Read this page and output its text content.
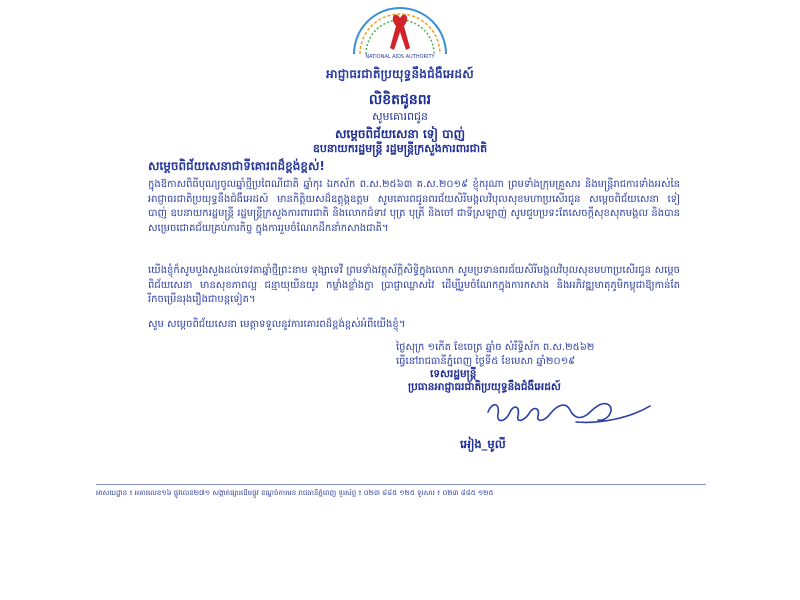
NATIONAL AIDS AUTHORITY
អាជ្ញាធរជាតិប្រយុទ្ធនឹងជំងឺអេដស៍
លិខិតជូនពរ
សូមគោរពជូន
សម្តេចពិជ័យសេនា ទៀ បាញ់
ឧបនាយករដ្ឋមន្ត្រី រដ្ឋមន្ត្រីក្រសួងការពារជាតិ
សម្តេចពិជ័យសេនាជាទីគោរពដ៏ខ្ពង់ខ្ពស់!
ក្នុងឱកាសពិធីបុណ្យចូលឆ្នាំថ្មីប្រពៃណីជាតិ ឆ្នាំកុរ ឯកស័ក ព.ស.២៥៦៣ គ.ស.២០១៩ ខ្ញុំករុណា ព្រមទាំងក្រុមគ្រួសារ និងមន្ត្រីរាជការទាំងអស់នៃអាជ្ញាធរជាតិប្រយុទ្ធនឹងជំងឺអេដស៍ មានកិត្តិយសដ៏ឧត្តុង្គឧត្តម សូមគោរពជូនពរជ័យសិរីមង្គលវិបុលសុខមហាប្រសើរជូន សម្តេចពិជ័យសេនា ទៀ បាញ់ ឧបនាយករដ្ឋមន្ត្រី រដ្ឋមន្ត្រីក្រសួងការពារជាតិ និងលោកជំទាវ បុត្រ បុត្រី និងចៅ ជាទីស្រឡាញ់ សូមជួបប្រទះតែសេចក្តីសុខសុភមង្គល និងបានសម្រេចជោគជ័យគ្រប់ភារកិច្ច ក្នុងការរួមចំណែកដឹកនាំកសាងជាតិ។
យើងខ្ញុំក៏សូមបួងសួងដល់ទេវតាឆ្នាំថ្មីព្រះនាម ទុង្សាទេវី ព្រមទាំងវត្ថុស័ក្តិសិទ្ធិក្នុងលោក សូមប្រទានពរជ័យសិរីមង្គលវិបុលសុខមហាប្រសើរជូន សម្តេចពិជ័យសេនា មានសុខភាពល្អ ជន្មាយុយឺនយូរ កម្លាំងខ្លាំងក្លា ប្រាជ្ញាឈ្លាសវៃ ដើម្បីរួមចំណែកក្នុងការកសាង និងអភិវឌ្ឍមាតុភូមិកម្ពុជាឱ្យកាន់តែរីកចម្រើនរុងរឿងជាបន្តទៀត។
សូម សម្តេចពិជ័យសេនា មេត្តាទទួលនូវការគោរពដ៏ខ្ពង់ខ្ពស់អំពីយើងខ្ញុំ។
ថ្ងៃសុក្រ ១កើត ខែចេត្រ ឆ្នាំច សំរឹទ្ធិស័ក ព.ស.២៥៦២
ធ្វើនៅរាជធានីភ្នំពេញ ថ្ងៃទី៥ ខែមេសា ឆ្នាំ២០១៩
ទេសរដ្ឋមន្ត្រី
ប្រធានអាជ្ញាធរជាតិប្រយុទ្ធនឹងជំងឺអេដស៍
អៀង_មូលី
អាសយដ្ឋាន ៖ អគារលេខ១៦ ផ្លូវលេខ២៧១ សង្កាត់ផ្សារដើមថ្កូវ ខណ្ឌចំការមន រាជធានីភ្នំពេញ ទូរស័ព្ទ ៖ ០២៣ ៨៨៥ ១២៥ ទូរសារ ៖ ០២៣ ៨៨៥ ១២៥
